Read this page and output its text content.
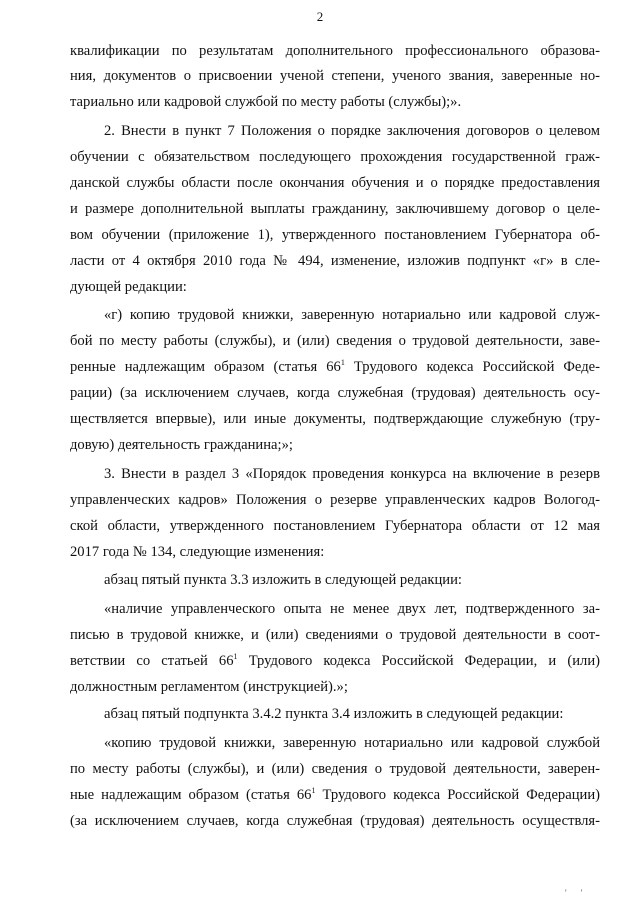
2
квалификации по результатам дополнительного профессионального образова-
ния, документов о присвоении ученой степени, ученого звания, заверенные но-
тариально или кадровой службой по месту работы (службы);».
2. Внести в пункт 7 Положения о порядке заключения договоров о целевом
обучении с обязательством последующего прохождения государственной граж-
данской службы области после окончания обучения и о порядке предоставления
и размере дополнительной выплаты гражданину, заключившему договор о целе-
вом обучении (приложение 1), утвержденного постановлением Губернатора об-
ласти от 4 октября 2010 года № 494, изменение, изложив подпункт «г» в сле-
дующей редакции:
«г) копию трудовой книжки, заверенную нотариально или кадровой служ-
бой по месту работы (службы), и (или) сведения о трудовой деятельности, заве-
ренные надлежащим образом (статья $66^1$ Трудового кодекса Российской Феде-
рации) (за исключением случаев, когда служебная (трудовая) деятельность осу-
ществляется впервые), или иные документы, подтверждающие служебную (тру-
довую) деятельность гражданина;»;
3. Внести в раздел 3 «Порядок проведения конкурса на включение в резерв
управленческих кадров» Положения о резерве управленческих кадров Вологод-
ской области, утвержденного постановлением Губернатора области от 12 мая
2017 года № 134, следующие изменения:
абзац пятый пункта 3.3 изложить в следующей редакции:
«наличие управленческого опыта не менее двух лет, подтвержденного за-
писью в трудовой книжке, и (или) сведениями о трудовой деятельности в соот-
ветствии со статьей $66^1$ Трудового кодекса Российской Федерации, и (или)
должностным регламентом (инструкцией).»;
абзац пятый подпункта 3.4.2 пункта 3.4 изложить в следующей редакции:
«копию трудовой книжки, заверенную нотариально или кадровой службой
по месту работы (службы), и (или) сведения о трудовой деятельности, заверен-
ные надлежащим образом (статья $66^1$ Трудового кодекса Российской Федерации)
(за исключением случаев, когда служебная (трудовая) деятельность осуществля-
' '
